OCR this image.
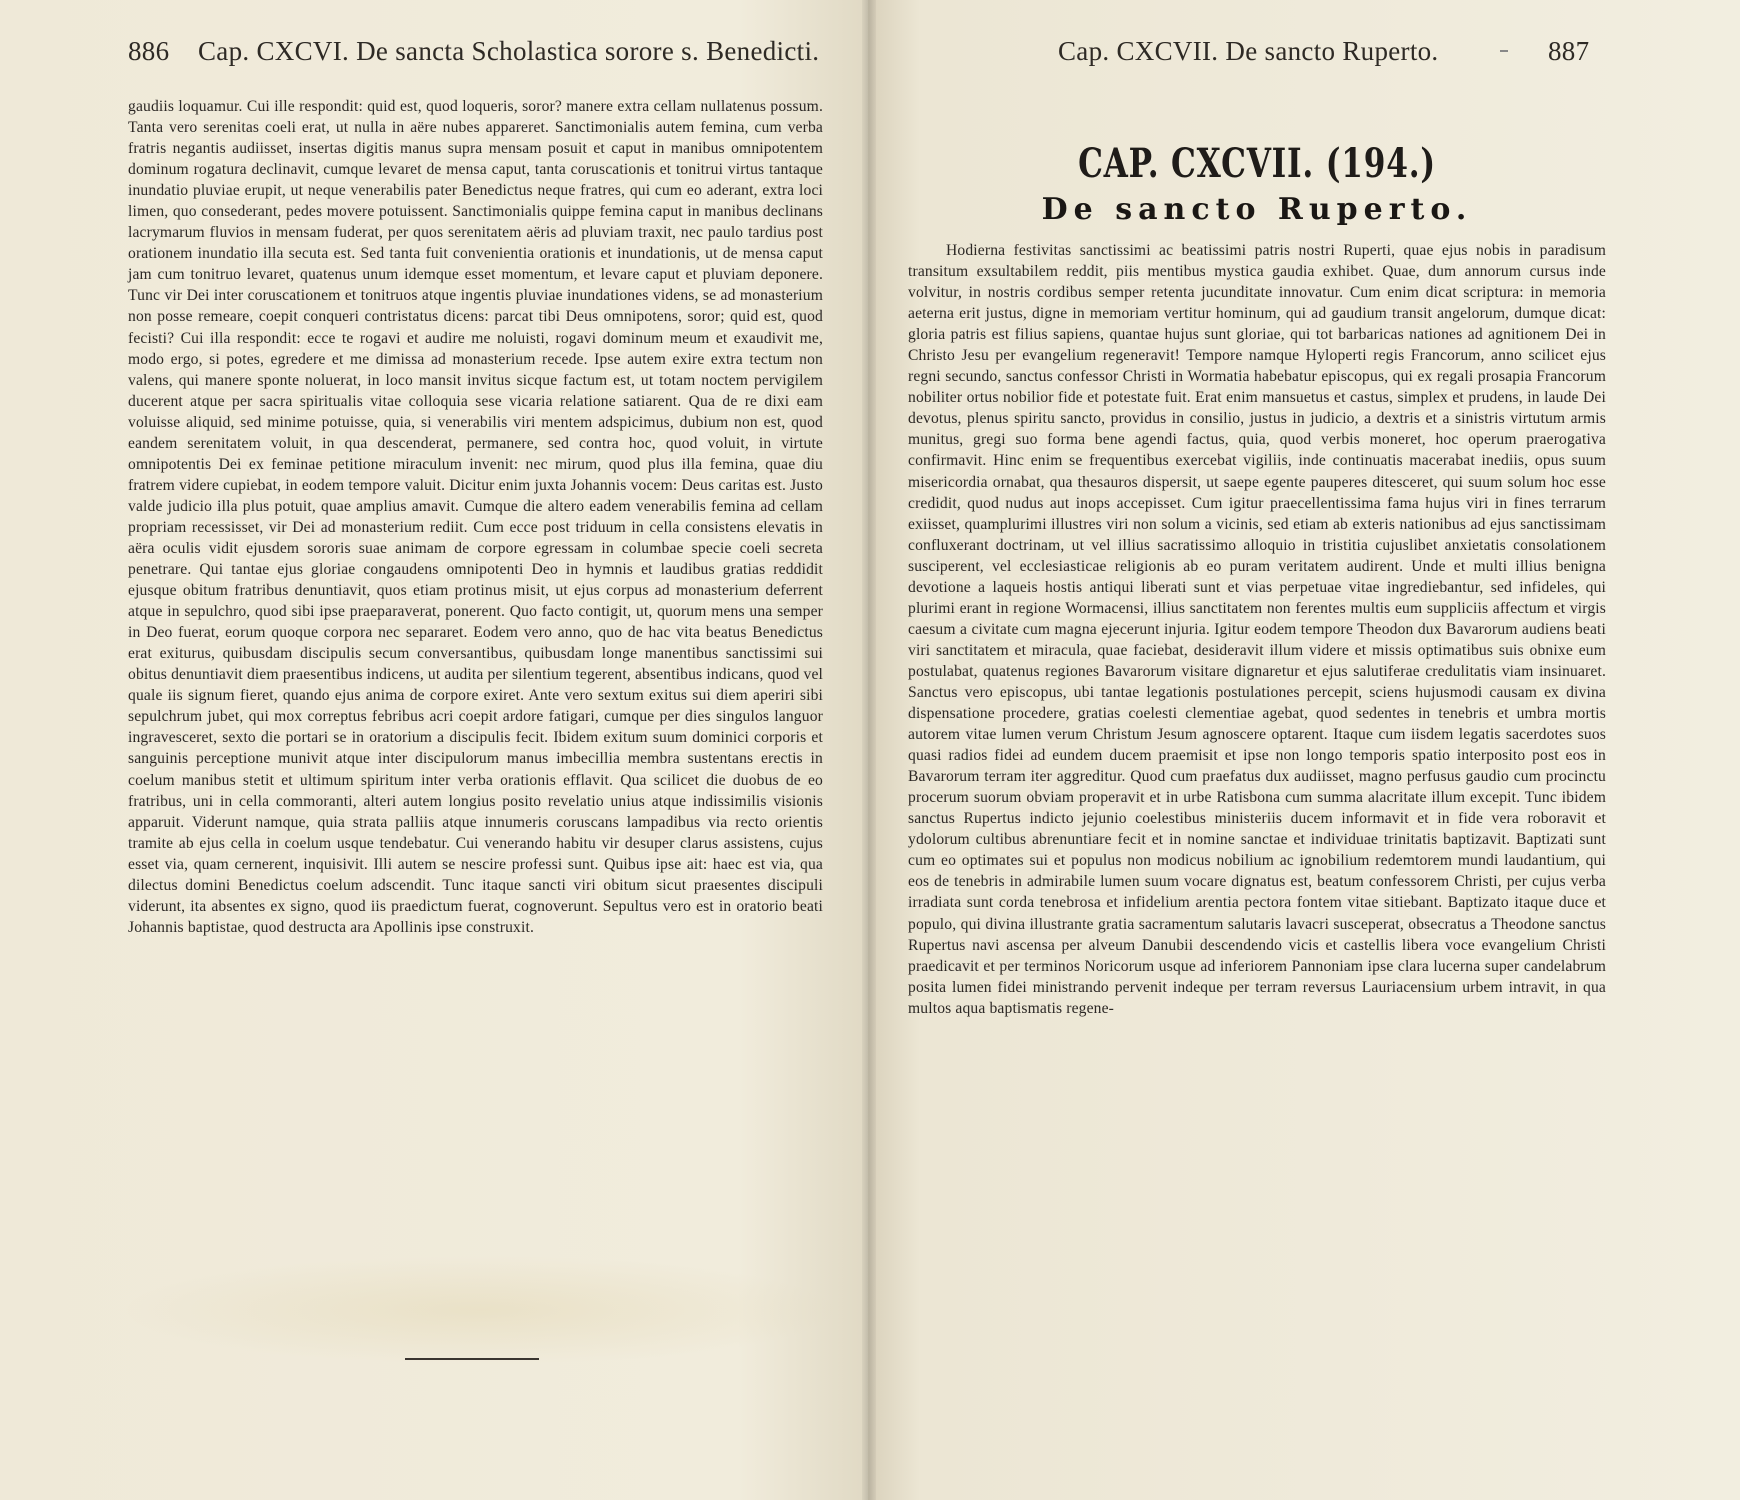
886 Cap. CXCVI. De sancta Scholastica sorore s. Benedicti.

gaudiis loquamur. Cui ille respondit: quid est, quod loqueris, soror? manere extra cellam nullatenus possum. Tanta vero serenitas coeli erat, ut nulla in aëre nubes appareret. Sanctimonialis autem femina, cum verba fratris negantis audiisset, insertas digitis manus supra mensam posuit et caput in manibus omnipotentem dominum rogatura declinavit, cumque levaret de mensa caput, tanta coruscationis et tonitrui virtus tantaque inundatio pluviae erupit, ut neque venerabilis pater Benedictus neque fratres, qui cum eo aderant, extra loci limen, quo consederant, pedes movere potuissent. Sanctimonialis quippe femina caput in manibus declinans lacrymarum fluvios in mensam fuderat, per quos serenitatem aëris ad pluviam traxit, nec paulo tardius post orationem inundatio illa secuta est. Sed tanta fuit convenientia orationis et inundationis, ut de mensa caput jam cum tonitruo levaret, quatenus unum idemque esset momentum, et levare caput et pluviam deponere. Tunc vir Dei inter coruscationem et tonitruos atque ingentis pluviae inundationes videns, se ad monasterium non posse remeare, coepit conqueri contristatus dicens: parcat tibi Deus omnipotens, soror; quid est, quod fecisti? Cui illa respondit: ecce te rogavi et audire me noluisti, rogavi dominum meum et exaudivit me, modo ergo, si potes, egredere et me dimissa ad monasterium recede. Ipse autem exire extra tectum non valens, qui manere sponte noluerat, in loco mansit invitus sicque factum est, ut totam noctem pervigilem ducerent atque per sacra spiritualis vitae colloquia sese vicaria relatione satiarent. Qua de re dixi eam voluisse aliquid, sed minime potuisse, quia, si venerabilis viri mentem adspicimus, dubium non est, quod eandem serenitatem voluit, in qua descenderat, permanere, sed contra hoc, quod voluit, in virtute omnipotentis Dei ex feminae petitione miraculum invenit: nec mirum, quod plus illa femina, quae diu fratrem videre cupiebat, in eodem tempore valuit. Dicitur enim juxta Johannis vocem: Deus caritas est. Justo valde judicio illa plus potuit, quae amplius amavit. Cumque die altero eadem venerabilis femina ad cellam propriam recessisset, vir Dei ad monasterium rediit. Cum ecce post triduum in cella consistens elevatis in aëra oculis vidit ejusdem sororis suae animam de corpore egressam in columbae specie coeli secreta penetrare. Qui tantae ejus gloriae congaudens omnipotenti Deo in hymnis et laudibus gratias reddidit ejusque obitum fratribus denuntiavit, quos etiam protinus misit, ut ejus corpus ad monasterium deferrent atque in sepulchro, quod sibi ipse praeparaverat, ponerent. Quo facto contigit, ut, quorum mens una semper in Deo fuerat, eorum quoque corpora nec separaret. Eodem vero anno, quo de hac vita beatus Benedictus erat exiturus, quibusdam discipulis secum conversantibus, quibusdam longe manentibus sanctissimi sui obitus denuntiavit diem praesentibus indicens, ut audita per silentium tegerent, absentibus indicans, quod vel quale iis signum fieret, quando ejus anima de corpore exiret. Ante vero sextum exitus sui diem aperiri sibi sepulchrum jubet, qui mox correptus febribus acri coepit ardore fatigari, cumque per dies singulos languor ingravesceret, sexto die portari se in oratorium a discipulis fecit. Ibidem exitum suum dominici corporis et sanguinis perceptione munivit atque inter discipulorum manus imbecillia membra sustentans erectis in coelum manibus stetit et ultimum spiritum inter verba orationis efflavit. Qua scilicet die duobus de eo fratribus, uni in cella commoranti, alteri autem longius posito revelatio unius atque indissimilis visionis apparuit. Viderunt namque, quia strata palliis atque innumeris coruscans lampadibus via recto orientis tramite ab ejus cella in coelum usque tendebatur. Cui venerando habitu vir desuper clarus assistens, cujus esset via, quam cernerent, inquisivit. Illi autem se nescire professi sunt. Quibus ipse ait: haec est via, qua dilectus domini Benedictus coelum adscendit. Tunc itaque sancti viri obitum sicut praesentes discipuli viderunt, ita absentes ex signo, quod iis praedictum fuerat, cognoverunt. Sepultus vero est in oratorio beati Johannis baptistae, quod destructa ara Apollinis ipse construxit.

Cap. CXCVII. De sancto Ruperto.	887
CAP. CXCVII. (194.)
De sancto Ruperto.

Hodierna festivitas sanctissimi ac beatissimi patris nostri Ruperti, quae ejus nobis in paradisum transitum exsultabilem reddit, piis mentibus mystica gaudia exhibet. Quae, dum annorum cursus inde volvitur, in nostris cordibus semper retenta jucunditate innovatur. Cum enim dicat scriptura: in memoria aeterna erit justus, digne in memoriam vertitur hominum, qui ad gaudium transit angelorum, dumque dicat: gloria patris est filius sapiens, quantae hujus sunt gloriae, qui tot barbaricas nationes ad agnitionem Dei in Christo Jesu per evangelium regeneravit! Tempore namque Hyloperti regis Francorum, anno scilicet ejus regni secundo, sanctus confessor Christi in Wormatia habebatur episcopus, qui ex regali prosapia Francorum nobiliter ortus nobilior fide et potestate fuit. Erat enim mansuetus et castus, simplex et prudens, in laude Dei devotus, plenus spiritu sancto, providus in consilio, justus in judicio, a dextris et a sinistris virtutum armis munitus, gregi suo forma bene agendi factus, quia, quod verbis moneret, hoc operum praerogativa confirmavit. Hinc enim se frequentibus exercebat vigiliis, inde continuatis macerabat inediis, opus suum misericordia ornabat, qua thesauros dispersit, ut saepe egente pauperes ditesceret, qui suum solum hoc esse credidit, quod nudus aut inops accepisset. Cum igitur praecellentissima fama hujus viri in fines terrarum exiisset, quamplurimi illustres viri non solum a vicinis, sed etiam ab exteris nationibus ad ejus sanctissimam confluxerant doctrinam, ut vel illius sacratissimo alloquio in tristitia cujuslibet anxietatis consolationem susciperent, vel ecclesiasticae religionis ab eo puram veritatem audirent. Unde et multi illius benigna devotione a laqueis hostis antiqui liberati sunt et vias perpetuae vitae ingrediebantur, sed infideles, qui plurimi erant in regione Wormacensi, illius sanctitatem non ferentes multis eum suppliciis affectum et virgis caesum a civitate cum magna ejecerunt injuria. Igitur eodem tempore Theodon dux Bavarorum audiens beati viri sanctitatem et miracula, quae faciebat, desideravit illum videre et missis optimatibus suis obnixe eum postulabat, quatenus regiones Bavarorum visitare dignaretur et ejus salutiferae credulitatis viam insinuaret. Sanctus vero episcopus, ubi tantae legationis postulationes percepit, sciens hujusmodi causam ex divina dispensatione procedere, gratias coelesti clementiae agebat, quod sedentes in tenebris et umbra mortis autorem vitae lumen verum Christum Jesum agnoscere optarent. Itaque cum iisdem legatis sacerdotes suos quasi radios fidei ad eundem ducem praemisit et ipse non longo temporis spatio interposito post eos in Bavarorum terram iter aggreditur. Quod cum praefatus dux audiisset, magno perfusus gaudio cum procinctu procerum suorum obviam properavit et in urbe Ratisbona cum summa alacritate illum excepit. Tunc ibidem sanctus Rupertus indicto jejunio coelestibus ministeriis ducem informavit et in fide vera roboravit et ydolorum cultibus abrenuntiare fecit et in nomine sanctae et individuae trinitatis baptizavit. Baptizati sunt cum eo optimates sui et populus non modicus nobilium ac ignobilium redemtorem mundi laudantium, qui eos de tenebris in admirabile lumen suum vocare dignatus est, beatum confessorem Christi, per cujus verba irradiata sunt corda tenebrosa et infidelium arentia pectora fontem vitae sitiebant. Baptizato itaque duce et populo, qui divina illustrante gratia sacramentum salutaris lavacri susceperat, obsecratus a Theodone sanctus Rupertus navi ascensa per alveum Danubii descendendo vicis et castellis libera voce evangelium Christi praedicavit et per terminos Noricorum usque ad inferiorem Pannoniam ipse clara lucerna super candelabrum posita lumen fidei ministrando pervenit indeque per terram reversus Lauriacensium urbem intravit, in qua multos aqua baptismatis regene-
